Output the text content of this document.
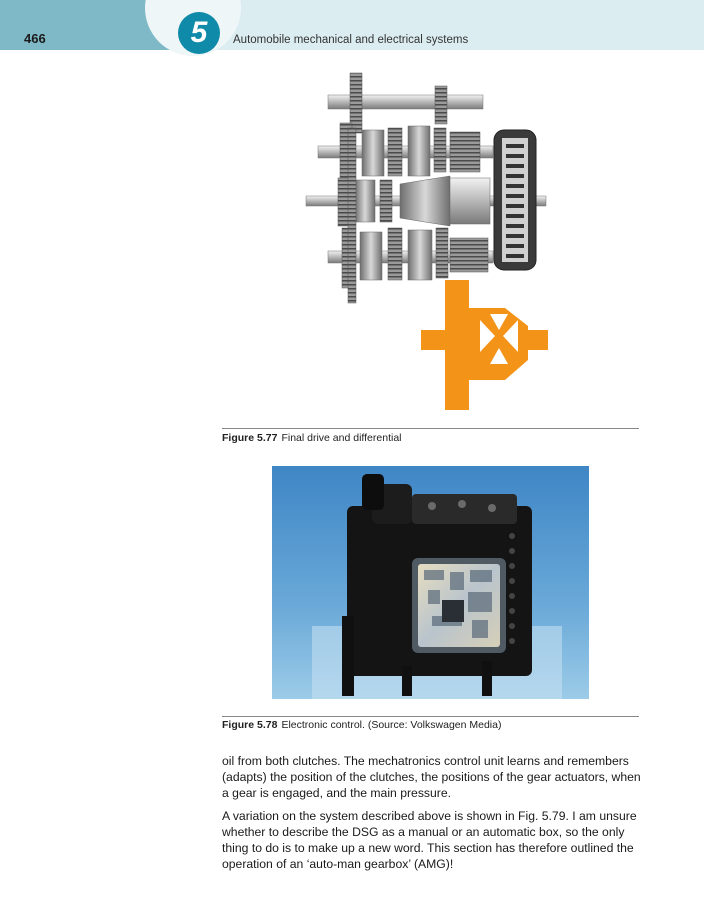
466	5	Automobile mechanical and electrical systems
Figure 5.77 Final drive and differential
Figure 5.78 Electronic control. (Source: Volkswagen Media)

oil from both clutches. The mechatronics control unit learns and remembers (adapts) the position of the clutches, the positions of the gear actuators, when a gear is engaged, and the main pressure.

A variation on the system described above is shown in Fig. 5.79. I am unsure whether to describe the DSG as a manual or an automatic box, so the only thing to do is to make up a new word. This section has therefore outlined the operation of an ‘auto-man gearbox’ (AMG)!
